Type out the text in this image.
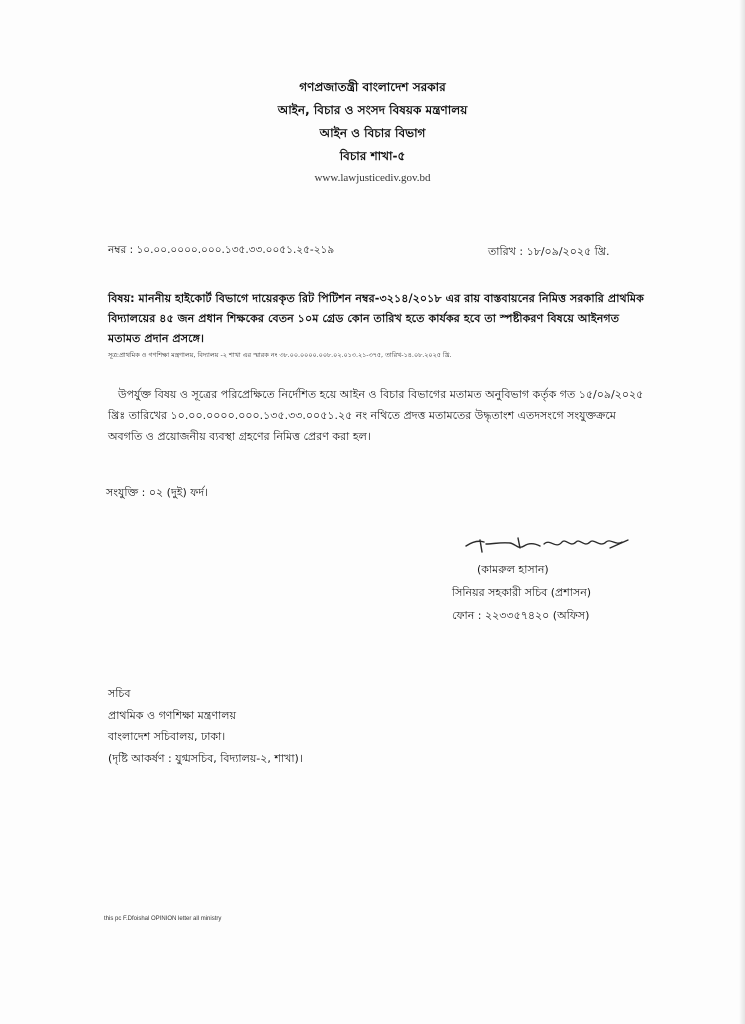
গণপ্রজাতন্ত্রী বাংলাদেশ সরকার
আইন, বিচার ও সংসদ বিষয়ক মন্ত্রণালয়
আইন ও বিচার বিভাগ
বিচার শাখা-৫
www.lawjusticediv.gov.bd
নম্বর : ১০.০০.০০০০.০০০.১৩৫.৩৩.০০৫১.২৫-২১৯	তারিখ : ১৮/০৯/২০২৫ খ্রি.
বিষয়: মাননীয় হাইকোর্ট বিভাগে দায়েরকৃত রিট পিটিশন নম্বর-৩২১৪/২০১৮ এর রায় বাস্তবায়নের নিমিত্ত সরকারি প্রাথমিক বিদ্যালয়ের ৪৫ জন প্রধান শিক্ষকের বেতন ১০ম গ্রেড কোন তারিখ হতে কার্যকর হবে তা স্পষ্টীকরণ বিষয়ে আইনগত মতামত প্রদান প্রসঙ্গে।
সূত্র:প্রাথমিক ও গণশিক্ষা মন্ত্রণালয়, বিদ্যালয় -২ শাখা এর স্মারক নং ৩৮.০০.০০০০.০০৮.০২.০১৩.২১-৩৭৫, তারিখ-১৪.০৮.২০২৫ খ্রি.
উপর্যুক্ত বিষয় ও সূত্রের পরিপ্রেক্ষিতে নির্দেশিত হয়ে আইন ও বিচার বিভাগের মতামত অনুবিভাগ কর্তৃক গত ১৫/০৯/২০২৫ খ্রিঃ তারিখের ১০.০০.০০০০.০০০.১৩৫.৩৩.০০৫১.২৫ নং নথিতে প্রদত্ত মতামতের উদ্ধৃতাংশ এতদসংগে সংযুক্তক্রমে অবগতি ও প্রয়োজনীয় ব্যবস্থা গ্রহণের নিমিত্ত প্রেরণ করা হল।
সংযুক্তি : ০২ (দুই) ফর্দ।
(কামরুল হাসান)
সিনিয়র সহকারী সচিব (প্রশাসন)
ফোন : ২২৩৩৫৭৪২০ (অফিস)
সচিব
প্রাথমিক ও গণশিক্ষা মন্ত্রণালয়
বাংলাদেশ সচিবালয়, ঢাকা।
(দৃষ্টি আকর্ষণ : যুগ্মসচিব, বিদ্যালয়-২, শাখা)।
this pc F.Dfoishal OPINION letter all ministry
